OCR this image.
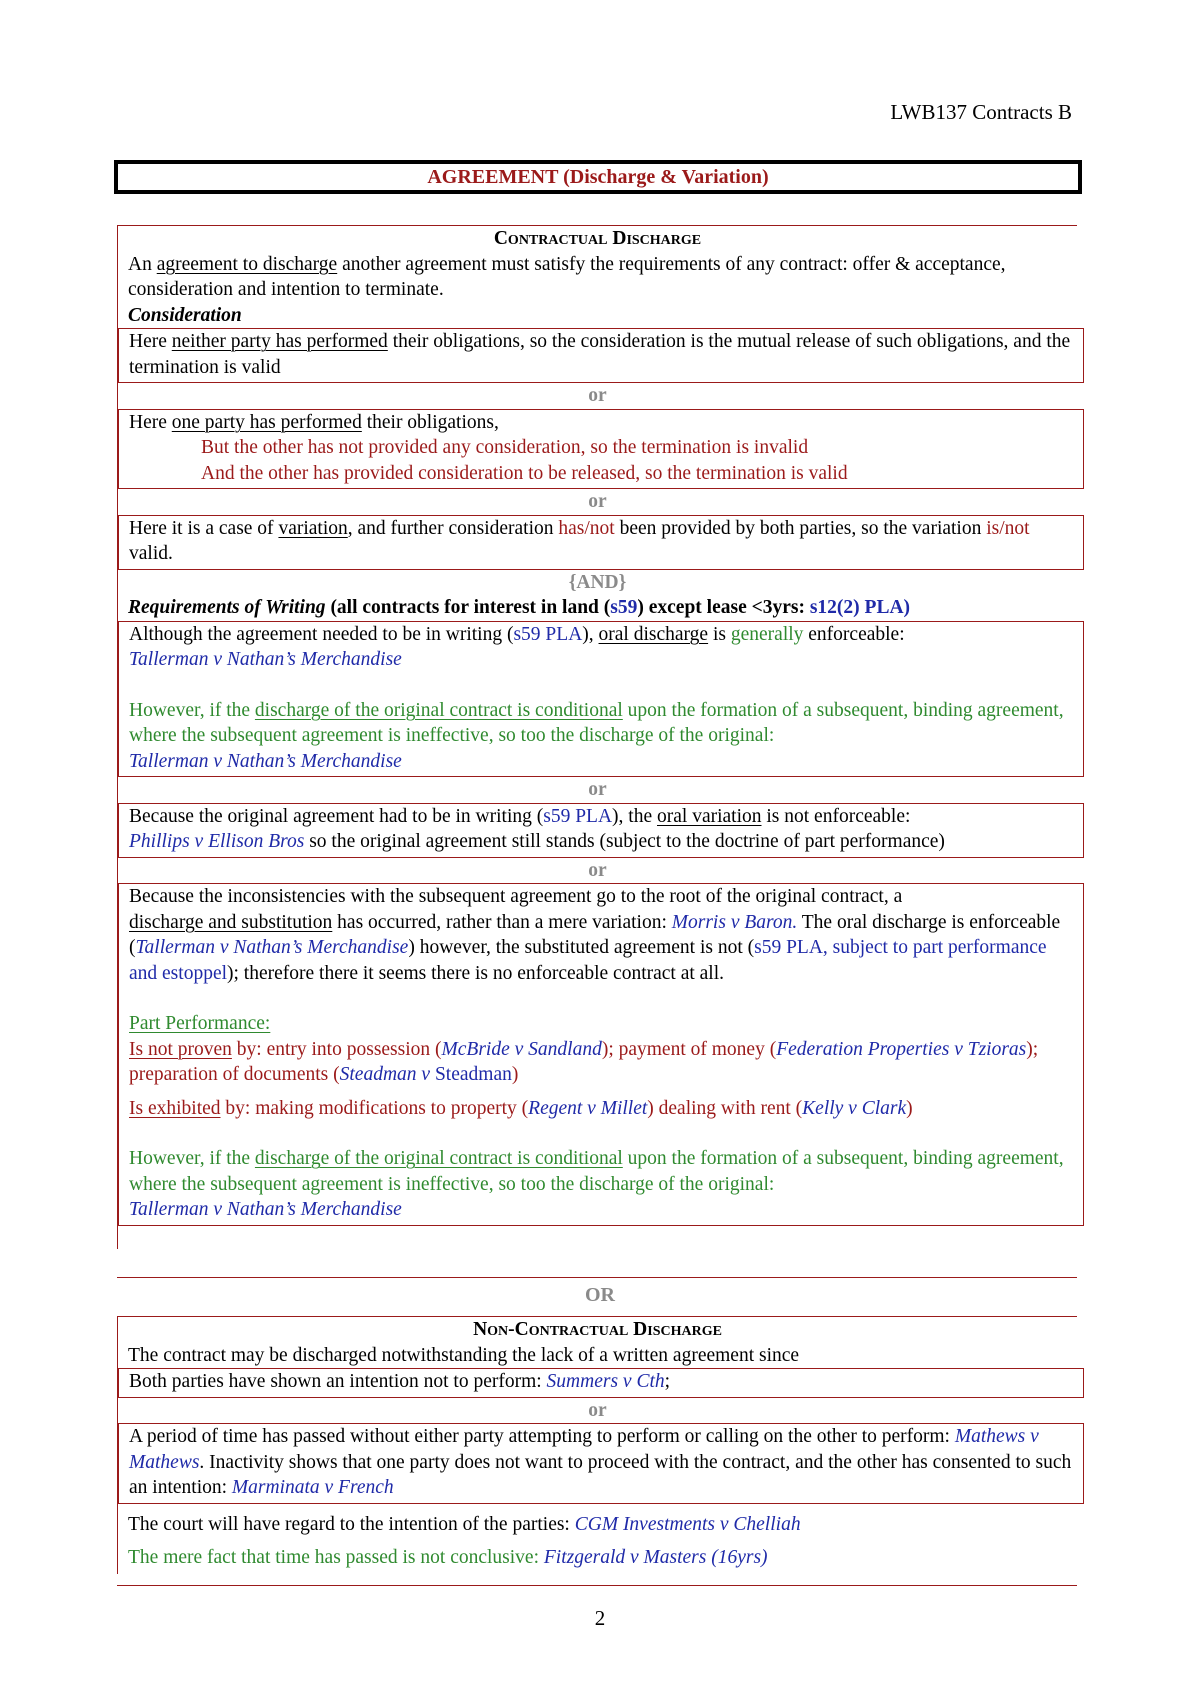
LWB137 Contracts B
AGREEMENT (Discharge & Variation)
Contractual Discharge
An agreement to discharge another agreement must satisfy the requirements of any contract: offer & acceptance, consideration and intention to terminate.
Consideration
Here neither party has performed their obligations, so the consideration is the mutual release of such obligations, and the termination is valid
or
Here one party has performed their obligations,
But the other has not provided any consideration, so the termination is invalid
And the other has provided consideration to be released, so the termination is valid
or
Here it is a case of variation, and further consideration has/not been provided by both parties, so the variation is/not valid.
{AND}
Requirements of Writing (all contracts for interest in land (s59) except lease <3yrs: s12(2) PLA)
Although the agreement needed to be in writing (s59 PLA), oral discharge is generally enforceable:
Tallerman v Nathan’s Merchandise
However, if the discharge of the original contract is conditional upon the formation of a subsequent, binding agreement, where the subsequent agreement is ineffective, so too the discharge of the original:
Tallerman v Nathan’s Merchandise
or
Because the original agreement had to be in writing (s59 PLA), the oral variation is not enforceable:
Phillips v Ellison Bros so the original agreement still stands (subject to the doctrine of part performance)
or
Because the inconsistencies with the subsequent agreement go to the root of the original contract, a
discharge and substitution has occurred, rather than a mere variation: Morris v Baron. The oral discharge is enforceable (Tallerman v Nathan’s Merchandise) however, the substituted agreement is not (s59 PLA, subject to part performance and estoppel); therefore there it seems there is no enforceable contract at all.
Part Performance:
Is not proven by: entry into possession (McBride v Sandland); payment of money (Federation Properties v Tzioras); preparation of documents (Steadman v Steadman)
Is exhibited by: making modifications to property (Regent v Millet) dealing with rent (Kelly v Clark)
However, if the discharge of the original contract is conditional upon the formation of a subsequent, binding agreement, where the subsequent agreement is ineffective, so too the discharge of the original:
Tallerman v Nathan’s Merchandise
OR
Non-Contractual Discharge
The contract may be discharged notwithstanding the lack of a written agreement since
Both parties have shown an intention not to perform: Summers v Cth;
or
A period of time has passed without either party attempting to perform or calling on the other to perform: Mathews v Mathews. Inactivity shows that one party does not want to proceed with the contract, and the other has consented to such an intention: Marminata v French
The court will have regard to the intention of the parties: CGM Investments v Chelliah
The mere fact that time has passed is not conclusive: Fitzgerald v Masters (16yrs)
2
